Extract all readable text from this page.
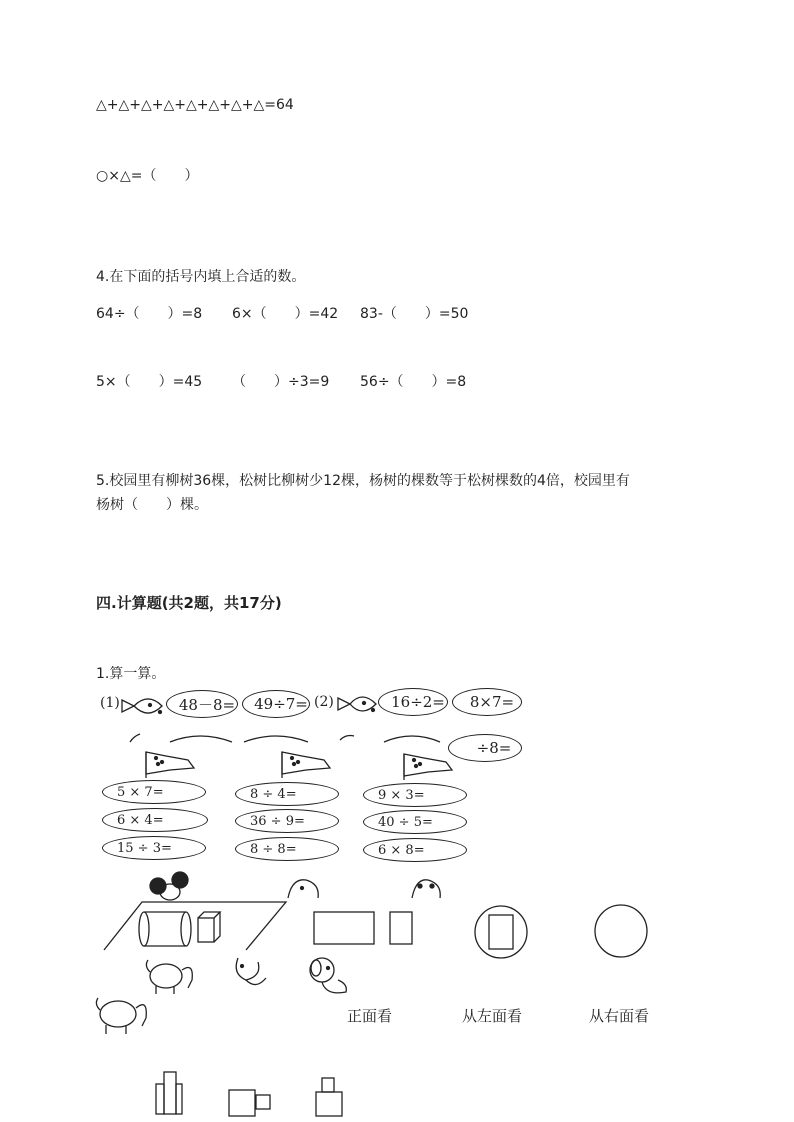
△+△+△+△+△+△+△+△=64
○×△=（　　）
4.在下面的括号内填上合适的数。
64÷（　　）=8 6×（　　）=42 83-（　　）=50
5×（　　）=45 （　　）÷3=9 56÷（　　）=8
5.校园里有柳树36棵，松树比柳树少12棵，杨树的棵数等于松树棵数的4倍，校园里有
杨树（　　）棵。
四.计算题(共2题，共17分)
1.算一算。
(1)	(2)
48－8=	49÷7=	16÷2=	8×7=
÷8=
5 × 7=
6 × 4=
15 ÷ 3=
8 ÷ 4=
36 ÷ 9=
8 ÷ 8=
9 × 3=
40 ÷ 5=
6 × 8=
正面看	从左面看	从右面看
